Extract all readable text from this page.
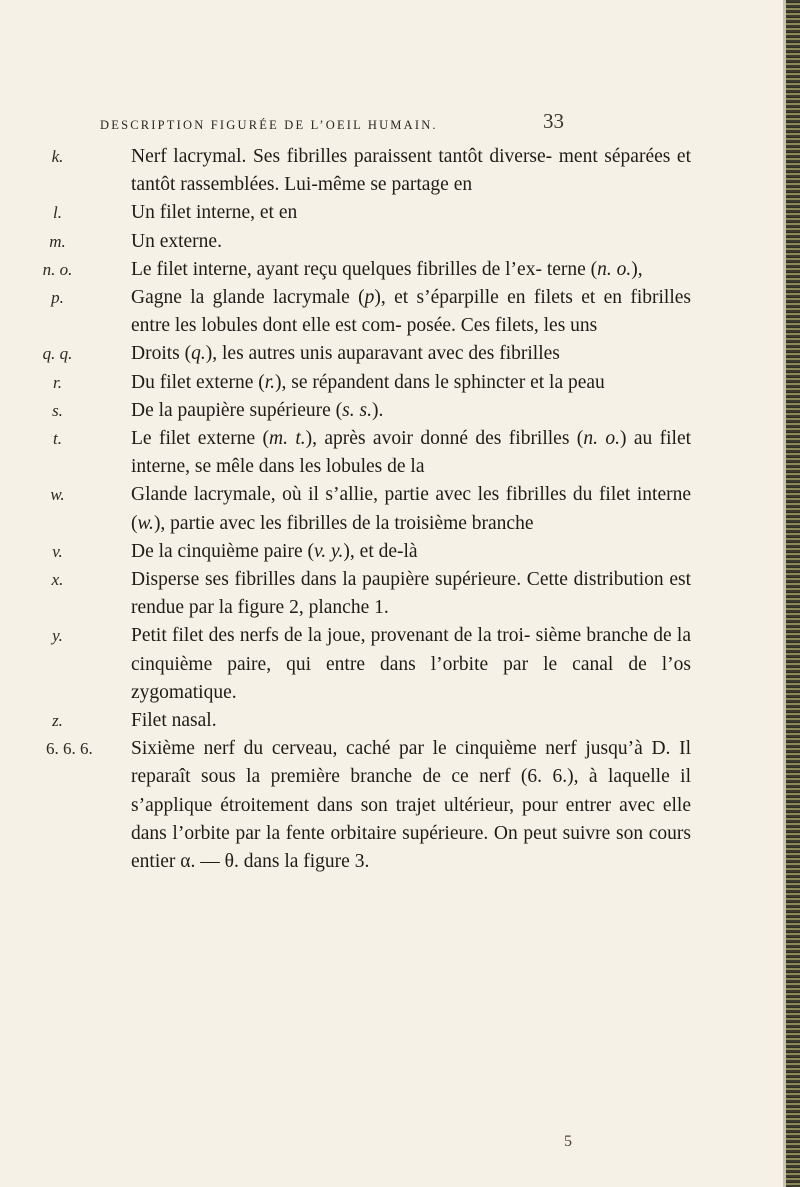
DESCRIPTION FIGURÉE DE L’OEIL HUMAIN.	33
k.	Nerf lacrymal. Ses fibrilles paraissent tantôt diverse- ment séparées et tantôt rassemblées. Lui-même se partage en
l.	Un filet interne, et en
m.	Un externe.
n. o.	Le filet interne, ayant reçu quelques fibrilles de l’ex- terne (n. o.),
p.	Gagne la glande lacrymale (p), et s’éparpille en filets et en fibrilles entre les lobules dont elle est com- posée. Ces filets, les uns
q. q.	Droits (q.), les autres unis auparavant avec des fibrilles
r.	Du filet externe (r.), se répandent dans le sphincter et la peau
s.	De la paupière supérieure (s. s.).
t.	Le filet externe (m. t.), après avoir donné des fibrilles (n. o.) au filet interne, se mêle dans les lobules de la
w.	Glande lacrymale, où il s’allie, partie avec les fibrilles du filet interne (w.), partie avec les fibrilles de la troisième branche
v.	De la cinquième paire (v. y.), et de-là
x.	Disperse ses fibrilles dans la paupière supérieure. Cette distribution est rendue par la figure 2, planche 1.
y.	Petit filet des nerfs de la joue, provenant de la troi- sième branche de la cinquième paire, qui entre dans l’orbite par le canal de l’os zygomatique.
z.	Filet nasal.
6. 6. 6.	Sixième nerf du cerveau, caché par le cinquième nerf jusqu’à D. Il reparaît sous la première branche de ce nerf (6. 6.), à laquelle il s’applique étroitement dans son trajet ultérieur, pour entrer avec elle dans l’orbite par la fente orbitaire supérieure. On peut suivre son cours entier α. — θ. dans la figure 3.
5
